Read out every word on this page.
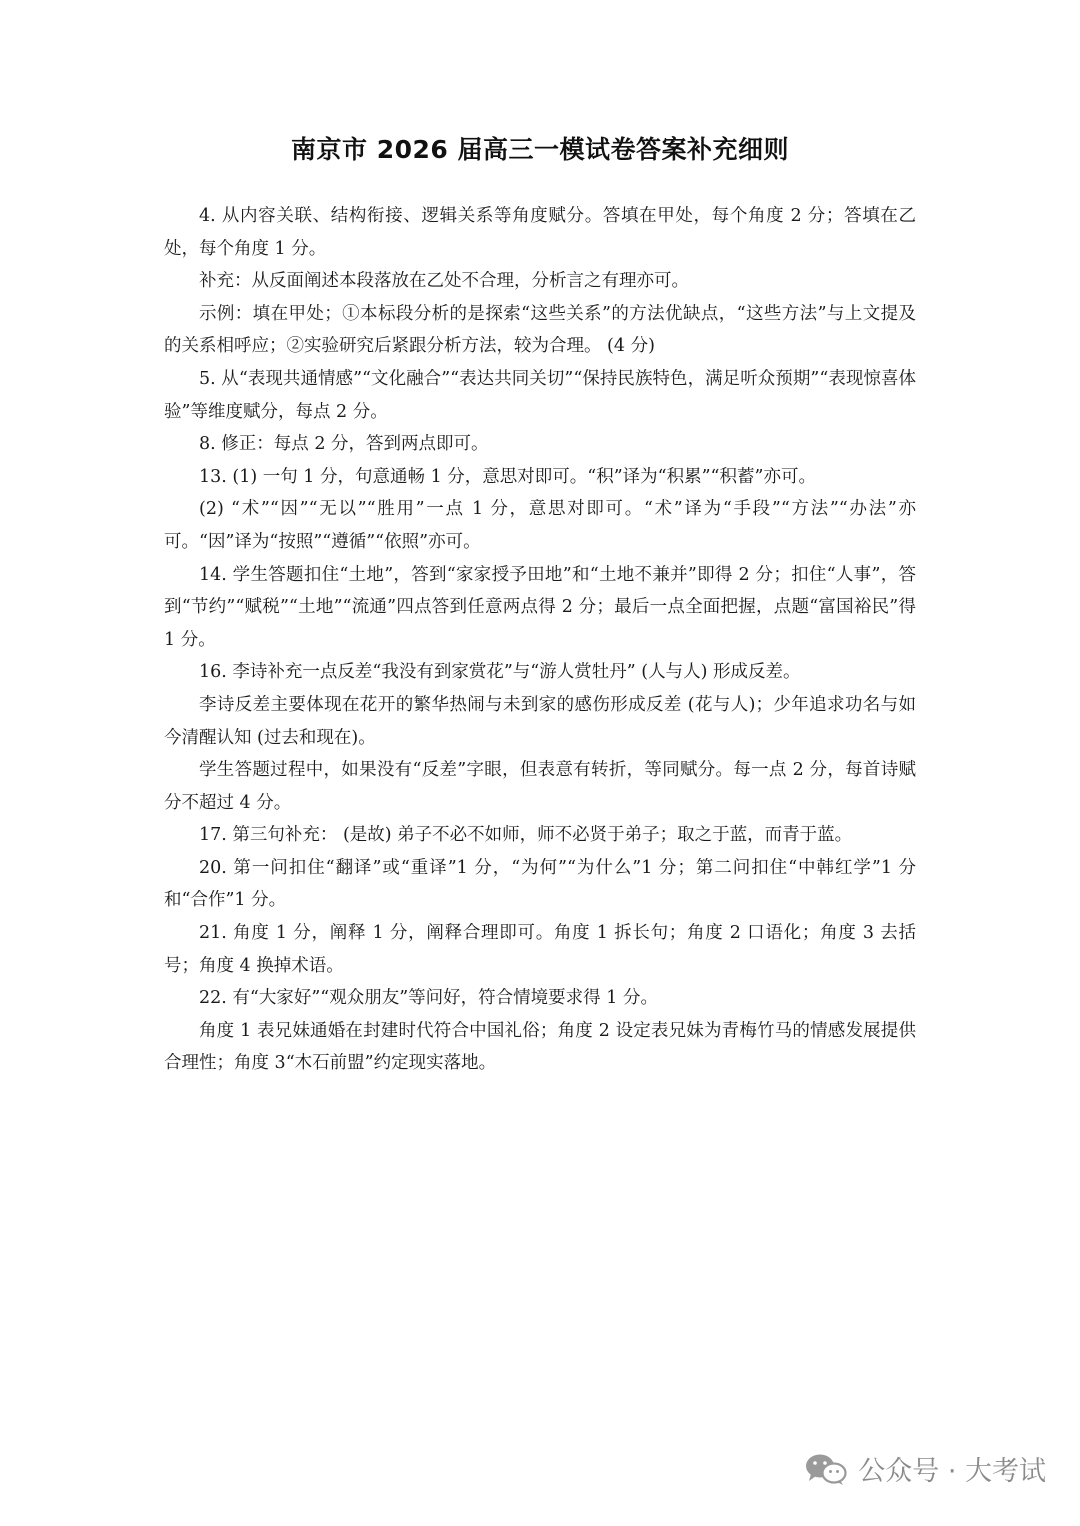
南京市 2026 届高三一模试卷答案补充细则

4. 从内容关联、结构衔接、逻辑关系等角度赋分。答填在甲处，每个角度 2 分；答填在乙处，每个角度 1 分。

补充：从反面阐述本段落放在乙处不合理，分析言之有理亦可。

示例：填在甲处；①本标段分析的是探索“这些关系”的方法优缺点，“这些方法”与上文提及的关系相呼应；②实验研究后紧跟分析方法，较为合理。 (4 分)

5. 从“表现共通情感”“文化融合”“表达共同关切”“保持民族特色，满足听众预期”“表现惊喜体验”等维度赋分，每点 2 分。

8. 修正：每点 2 分，答到两点即可。

13. (1) 一句 1 分，句意通畅 1 分，意思对即可。“积”译为“积累”“积蓄”亦可。

(2) “术”“因”“无以”“胜用”一点 1 分，意思对即可。“术”译为“手段”“方法”“办法”亦可。“因”译为“按照”“遵循”“依照”亦可。

14. 学生答题扣住“土地”，答到“家家授予田地”和“土地不兼并”即得 2 分；扣住“人事”，答到“节约”“赋税”“土地”“流通”四点答到任意两点得 2 分；最后一点全面把握，点题“富国裕民”得 1 分。

16. 李诗补充一点反差“我没有到家赏花”与“游人赏牡丹” (人与人) 形成反差。

李诗反差主要体现在花开的繁华热闹与未到家的感伤形成反差 (花与人)；少年追求功名与如今清醒认知 (过去和现在)。

学生答题过程中，如果没有“反差”字眼，但表意有转折，等同赋分。每一点 2 分，每首诗赋分不超过 4 分。

17. 第三句补充： (是故) 弟子不必不如师，师不必贤于弟子；取之于蓝，而青于蓝。

20. 第一问扣住“翻译”或“重译”1 分，“为何”“为什么”1 分；第二问扣住“中韩红学”1 分和“合作”1 分。

21. 角度 1 分，阐释 1 分，阐释合理即可。角度 1 拆长句；角度 2 口语化；角度 3 去括号；角度 4 换掉术语。

22. 有“大家好”“观众朋友”等问好，符合情境要求得 1 分。

角度 1 表兄妹通婚在封建时代符合中国礼俗；角度 2 设定表兄妹为青梅竹马的情感发展提供合理性；角度 3“木石前盟”约定现实落地。

公众号 · 大考试
